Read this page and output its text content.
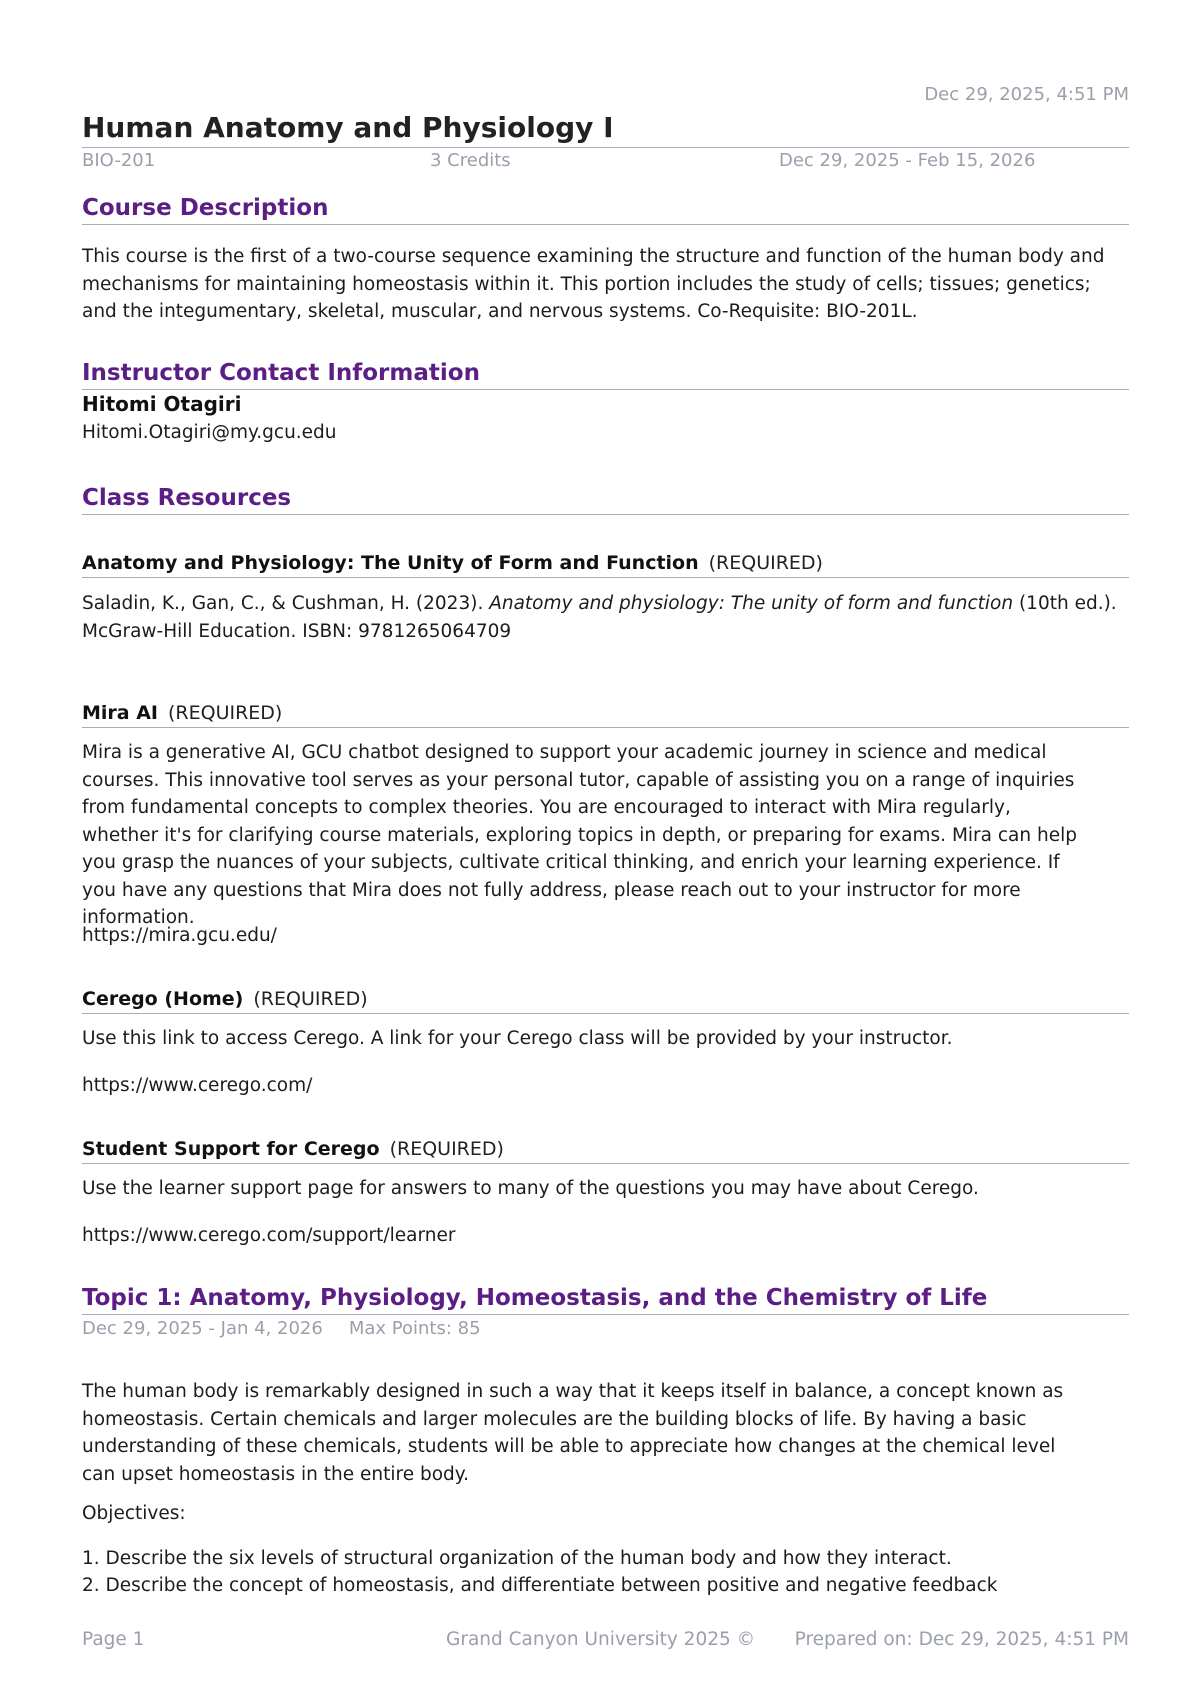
Dec 29, 2025, 4:51 PM
Human Anatomy and Physiology I
BIO-201	3 Credits	Dec 29, 2025 - Feb 15, 2026
Course Description

This course is the first of a two-course sequence examining the structure and function of the human body and mechanisms for maintaining homeostasis within it. This portion includes the study of cells; tissues; genetics; and the integumentary, skeletal, muscular, and nervous systems. Co-Requisite: BIO-201L.

Instructor Contact Information
Hitomi Otagiri
Hitomi.Otagiri@my.gcu.edu
Class Resources
Anatomy and Physiology: The Unity of Form and Function (REQUIRED)

Saladin, K., Gan, C., & Cushman, H. (2023). Anatomy and physiology: The unity of form and function (10th ed.).
McGraw-Hill Education. ISBN: 9781265064709

Mira AI (REQUIRED)

Mira is a generative AI, GCU chatbot designed to support your academic journey in science and medical courses. This innovative tool serves as your personal tutor, capable of assisting you on a range of inquiries from fundamental concepts to complex theories. You are encouraged to interact with Mira regularly, whether it's for clarifying course materials, exploring topics in depth, or preparing for exams. Mira can help you grasp the nuances of your subjects, cultivate critical thinking, and enrich your learning experience. If you have any questions that Mira does not fully address, please reach out to your instructor for more information.

https://mira.gcu.edu/
Cerego (Home) (REQUIRED)

Use this link to access Cerego. A link for your Cerego class will be provided by your instructor.

https://www.cerego.com/
Student Support for Cerego (REQUIRED)

Use the learner support page for answers to many of the questions you may have about Cerego.

https://www.cerego.com/support/learner
Topic 1: Anatomy, Physiology, Homeostasis, and the Chemistry of Life
Dec 29, 2025 - Jan 4, 2026 Max Points: 85

The human body is remarkably designed in such a way that it keeps itself in balance, a concept known as homeostasis. Certain chemicals and larger molecules are the building blocks of life. By having a basic understanding of these chemicals, students will be able to appreciate how changes at the chemical level can upset homeostasis in the entire body.

Objectives:
1. Describe the six levels of structural organization of the human body and how they interact.
2. Describe the concept of homeostasis, and differentiate between positive and negative feedback
Page 1	Grand Canyon University 2025 © Prepared on: Dec 29, 2025, 4:51 PM
